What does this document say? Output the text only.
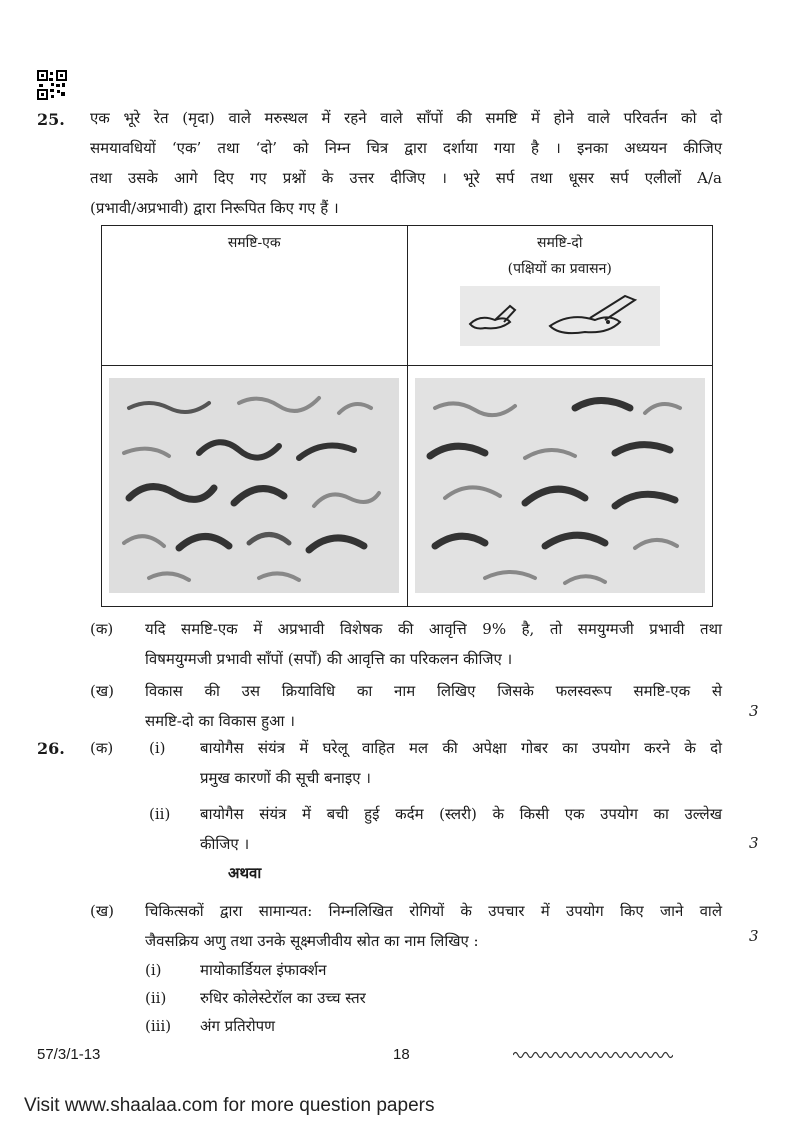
25. एक भूरे रेत (मृदा) वाले मरुस्थल में रहने वाले साँपों की समष्टि में होने वाले परिवर्तन को दो
समयावधियों ‘एक’ तथा ‘दो’ को निम्न चित्र द्वारा दर्शाया गया है । इनका अध्ययन कीजिए
तथा उसके आगे दिए गए प्रश्नों के उत्तर दीजिए । भूरे सर्प तथा धूसर सर्प एलीलों A/a
(प्रभावी/अप्रभावी) द्वारा निरूपित किए गए हैं ।
समष्टि-एक	समष्टि-दो
(पक्षियों का प्रवासन)

(क) यदि समष्टि-एक में अप्रभावी विशेषक की आवृत्ति 9% है, तो समयुग्मजी प्रभावी तथा
विषमयुग्मजी प्रभावी साँपों (सर्पों) की आवृत्ति का परिकलन कीजिए ।
(ख) विकास की उस क्रियाविधि का नाम लिखिए जिसके फलस्वरूप समष्टि-एक से
समष्टि-दो का विकास हुआ ।
3
26. (क) (i) बायोगैस संयंत्र में घरेलू वाहित मल की अपेक्षा गोबर का उपयोग करने के दो
प्रमुख कारणों की सूची बनाइए ।
(ii) बायोगैस संयंत्र में बची हुई कर्दम (स्लरी) के किसी एक उपयोग का उल्लेख
कीजिए ।	3
अथवा
(ख) चिकित्सकों द्वारा सामान्यत: निम्नलिखित रोगियों के उपचार में उपयोग किए जाने वाले
जैवसक्रिय अणु तथा उनके सूक्ष्मजीवीय स्रोत का नाम लिखिए :	3
(i)	मायोकार्डियल इंफार्क्शन
(ii) रुधिर कोलेस्टेरॉल का उच्च स्तर
(iii) अंग प्रतिरोपण
57/3/1-13	18
Visit www.shaalaa.com for more question papers
